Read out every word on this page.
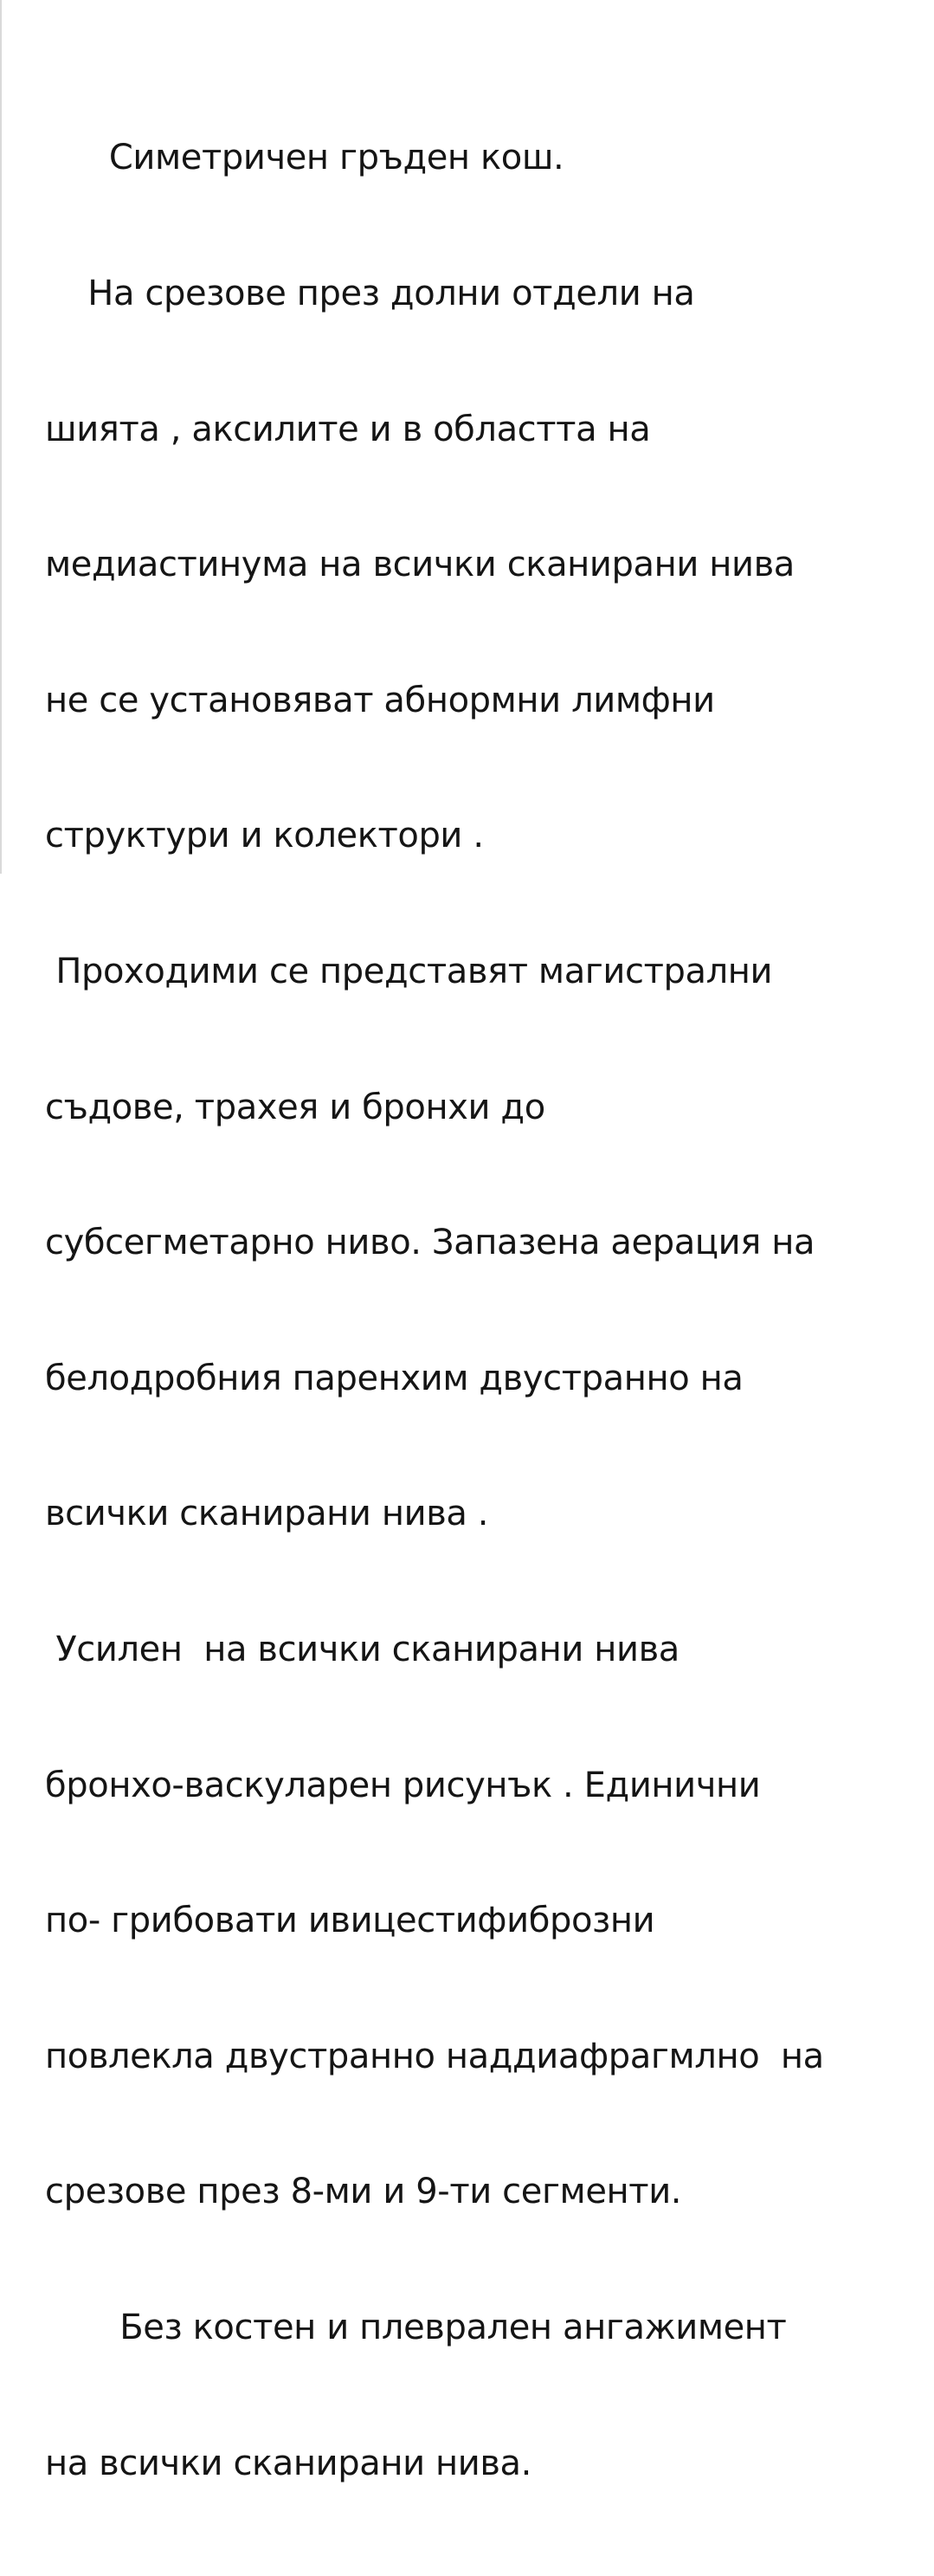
Симетричен гръден кош.

На срезове през долни отдели на

шията , аксилите и в областта на

медиастинума на всички сканирани нива

не се установяват абнормни лимфни

структури и колектори .

Проходими се представят магистрални

съдове, трахея и бронхи до

субсегметарно ниво. Запазена аерация на

белодробния паренхим двустранно на

всички сканирани нива .

Усилен  на всички сканирани нива

бронхо-васкуларен рисунък . Единични

по- грибовати ивицестифиброзни

повлекла двустранно наддиафрагмлно  на

срезове през 8-ми и 9-ти сегменти.

Без костен и плеврален ангажимент

на всички сканирани нива.
